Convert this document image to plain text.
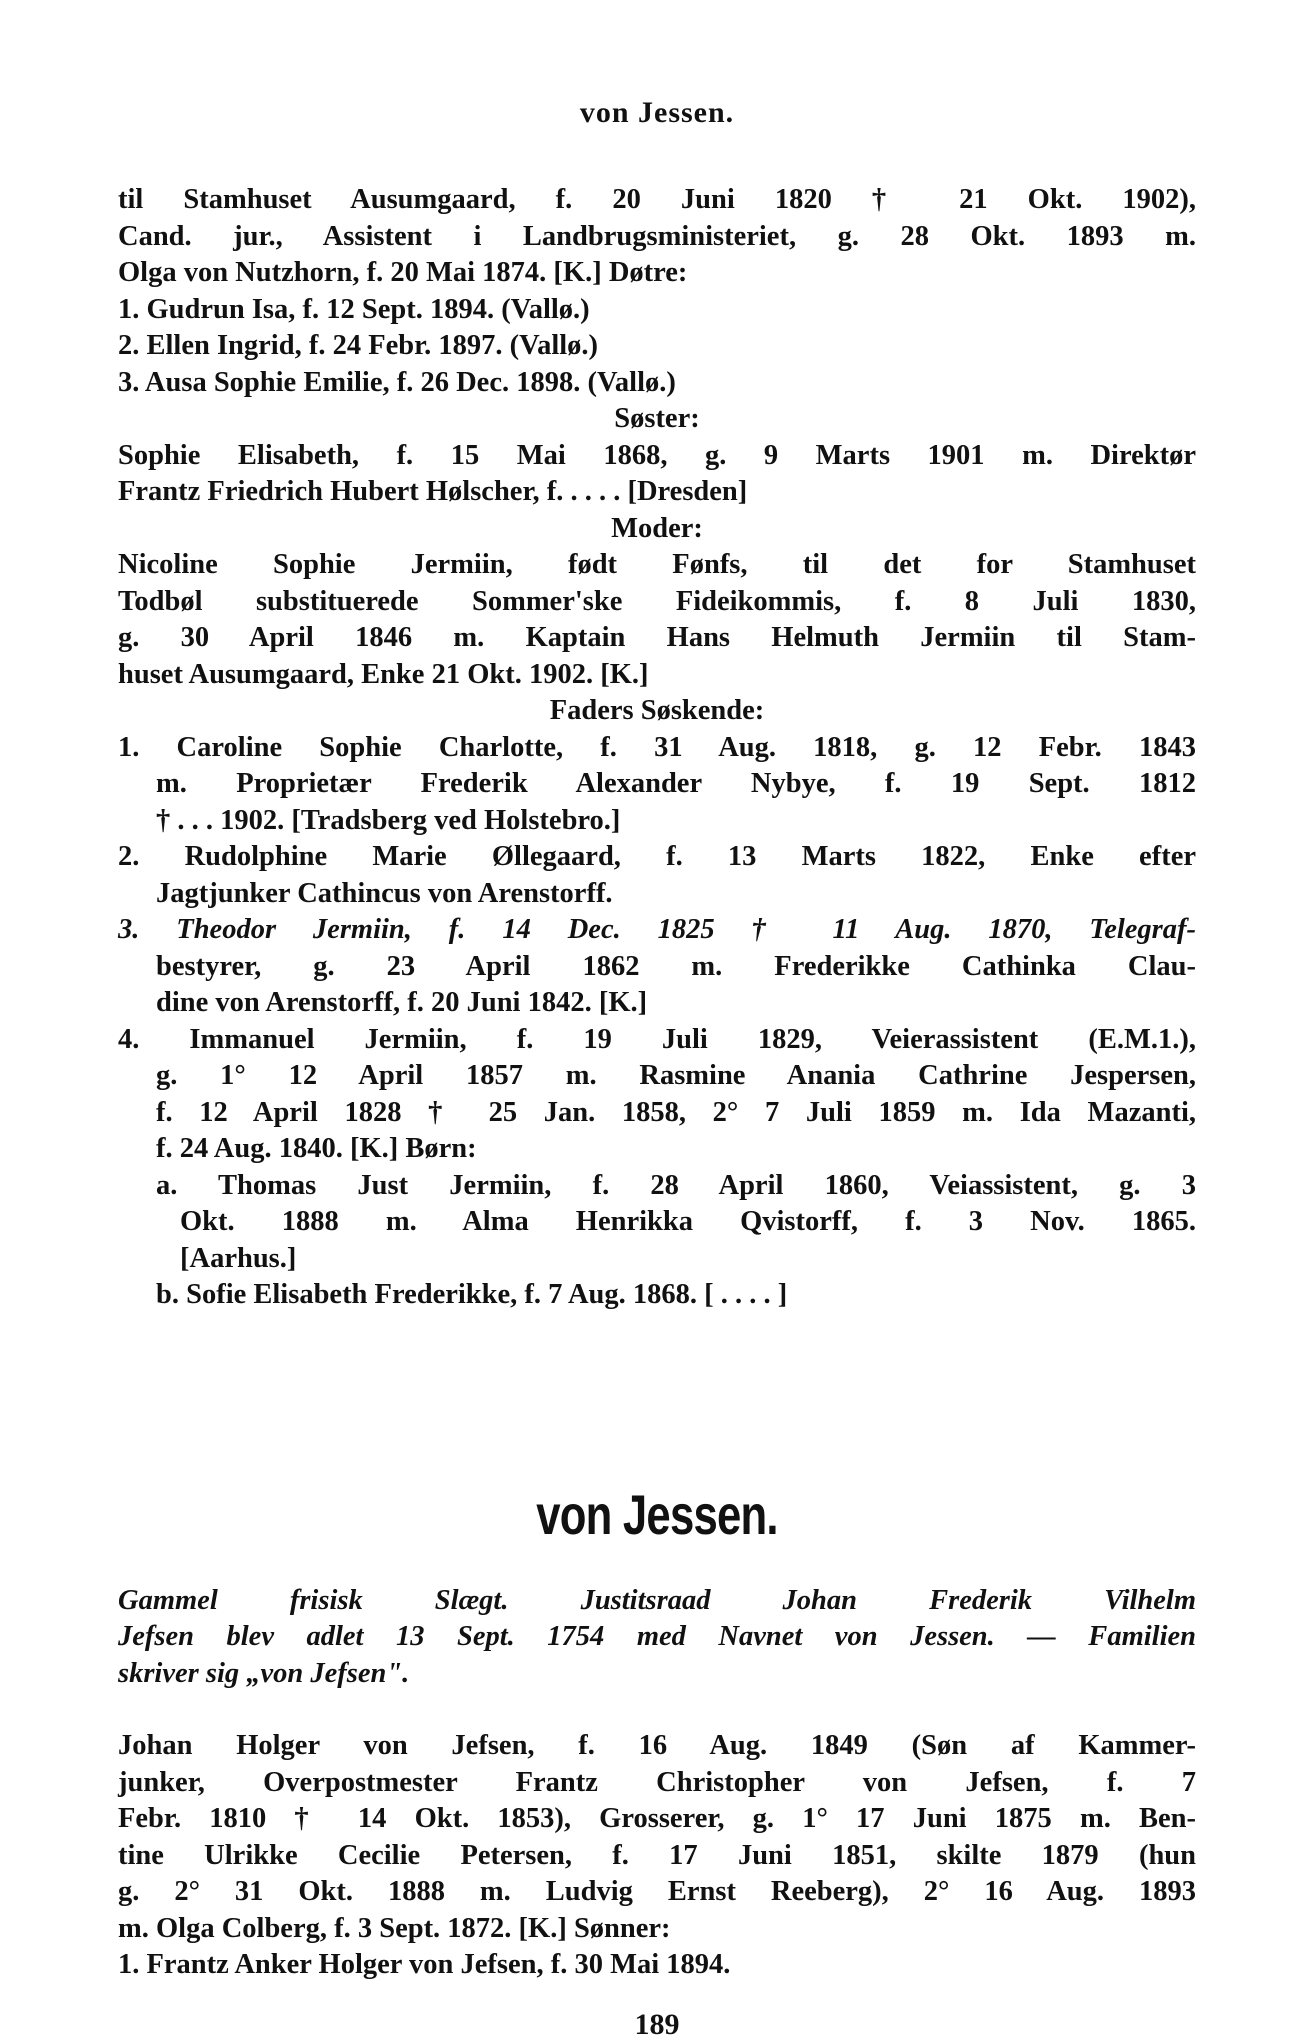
von Jessen.
til Stamhuset Ausumgaard, f. 20 Juni 1820 † 21 Okt. 1902),
Cand. jur., Assistent i Landbrugsministeriet, g. 28 Okt. 1893 m.
Olga von Nutzhorn, f. 20 Mai 1874. [K.] Døtre:
1. Gudrun Isa, f. 12 Sept. 1894. (Vallø.)
2. Ellen Ingrid, f. 24 Febr. 1897. (Vallø.)
3. Ausa Sophie Emilie, f. 26 Dec. 1898. (Vallø.)
Søster:
Sophie Elisabeth, f. 15 Mai 1868, g. 9 Marts 1901 m. Direktør
Frantz Friedrich Hubert Hølscher, f. . . . . [Dresden]
Moder:
Nicoline Sophie Jermiin, født Fønfs, til det for Stamhuset
Todbøl substituerede Sommer'ske Fideikommis, f. 8 Juli 1830,
g. 30 April 1846 m. Kaptain Hans Helmuth Jermiin til Stam-
huset Ausumgaard, Enke 21 Okt. 1902. [K.]
Faders Søskende:
1. Caroline Sophie Charlotte, f. 31 Aug. 1818, g. 12 Febr. 1843
m. Proprietær Frederik Alexander Nybye, f. 19 Sept. 1812
† . . . 1902. [Tradsberg ved Holstebro.]
2. Rudolphine Marie Øllegaard, f. 13 Marts 1822, Enke efter
Jagtjunker Cathincus von Arenstorff.
3. Theodor Jermiin, f. 14 Dec. 1825 † 11 Aug. 1870, Telegraf-
bestyrer, g. 23 April 1862 m. Frederikke Cathinka Clau-
dine von Arenstorff, f. 20 Juni 1842. [K.]
4. Immanuel Jermiin, f. 19 Juli 1829, Veierassistent (E.M.1.),
g. 1° 12 April 1857 m. Rasmine Anania Cathrine Jespersen,
f. 12 April 1828 † 25 Jan. 1858, 2° 7 Juli 1859 m. Ida Mazanti,
f. 24 Aug. 1840. [K.] Børn:
a. Thomas Just Jermiin, f. 28 April 1860, Veiassistent, g. 3
Okt. 1888 m. Alma Henrikka Qvistorff, f. 3 Nov. 1865.
[Aarhus.]
b. Sofie Elisabeth Frederikke, f. 7 Aug. 1868. [ . . . . ]
von Jessen.
Gammel frisisk Slægt. Justitsraad Johan Frederik Vilhelm
Jefsen blev adlet 13 Sept. 1754 med Navnet von Jessen. — Familien
skriver sig „von Jefsen".
Johan Holger von Jefsen, f. 16 Aug. 1849 (Søn af Kammer-
junker, Overpostmester Frantz Christopher von Jefsen, f. 7
Febr. 1810 † 14 Okt. 1853), Grosserer, g. 1° 17 Juni 1875 m. Ben-
tine Ulrikke Cecilie Petersen, f. 17 Juni 1851, skilte 1879 (hun
g. 2° 31 Okt. 1888 m. Ludvig Ernst Reeberg), 2° 16 Aug. 1893
m. Olga Colberg, f. 3 Sept. 1872. [K.] Sønner:
1. Frantz Anker Holger von Jefsen, f. 30 Mai 1894.
189
